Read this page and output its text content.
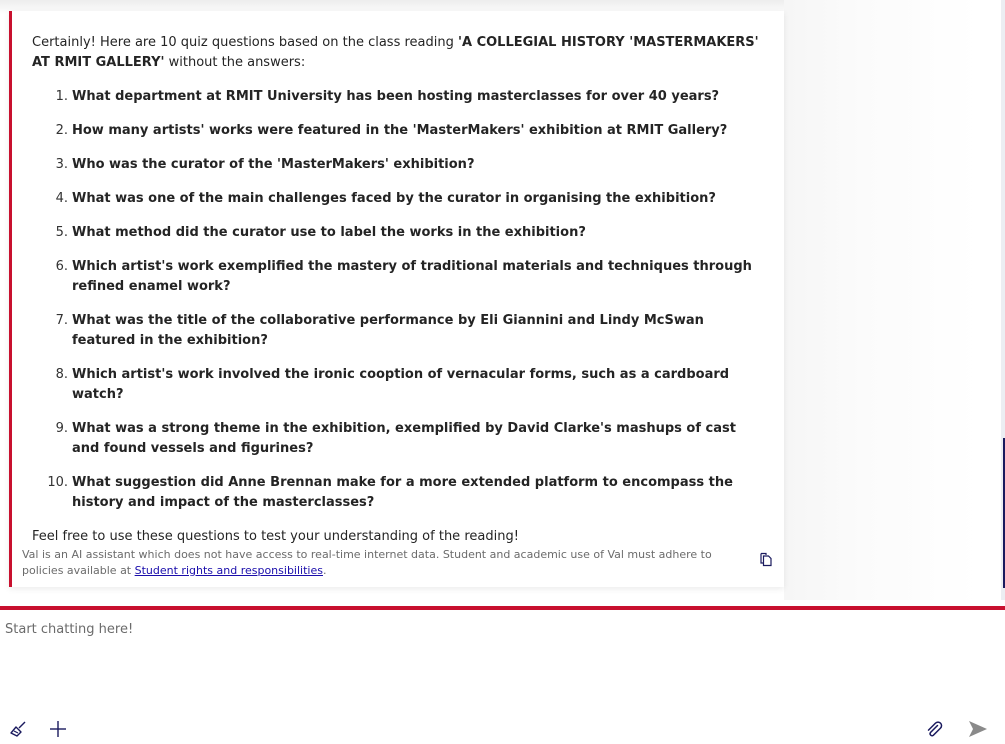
Certainly! Here are 10 quiz questions based on the class reading 'A COLLEGIAL HISTORY 'MASTERMAKERS' AT RMIT GALLERY' without the answers:

1. What department at RMIT University has been hosting masterclasses for over 40 years?
2. How many artists' works were featured in the 'MasterMakers' exhibition at RMIT Gallery?
3. Who was the curator of the 'MasterMakers' exhibition?
4. What was one of the main challenges faced by the curator in organising the exhibition?
5. What method did the curator use to label the works in the exhibition?
6. Which artist's work exemplified the mastery of traditional materials and techniques through refined enamel work?
7. What was the title of the collaborative performance by Eli Giannini and Lindy McSwan featured in the exhibition?
8. Which artist's work involved the ironic cooption of vernacular forms, such as a cardboard watch?
9. What was a strong theme in the exhibition, exemplified by David Clarke's mashups of cast and found vessels and figurines?
10. What suggestion did Anne Brennan make for a more extended platform to encompass the history and impact of the masterclasses?

Feel free to use these questions to test your understanding of the reading!

Val is an AI assistant which does not have access to real-time internet data. Student and academic use of Val must adhere to policies available at Student rights and responsibilities.
Start chatting here!
